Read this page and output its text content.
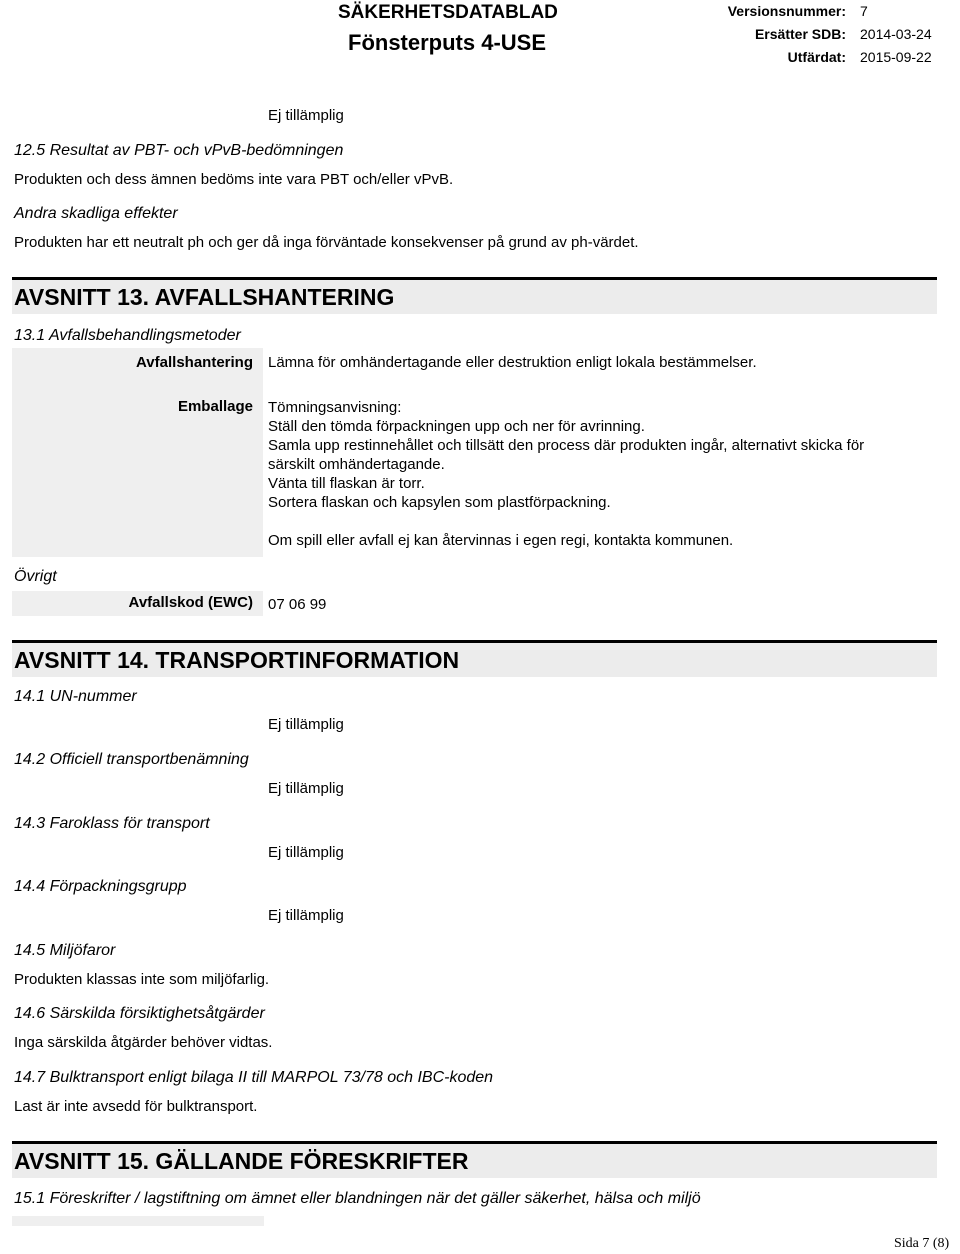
SÄKERHETSDATABLAD
Fönsterputs 4-USE
Versionsnummer: 7
Ersätter SDB: 2014-03-24
Utfärdat: 2015-09-22
Ej tillämplig
12.5 Resultat av PBT- och vPvB-bedömningen
Produkten och dess ämnen bedöms inte vara PBT och/eller vPvB.
Andra skadliga effekter
Produkten har ett neutralt ph och ger då inga förväntade konsekvenser på grund av ph-värdet.
AVSNITT 13. AVFALLSHANTERING
13.1 Avfallsbehandlingsmetoder
Avfallshantering	Lämna för omhändertagande eller destruktion enligt lokala bestämmelser.
Emballage	Tömningsanvisning:
Ställ den tömda förpackningen upp och ner för avrinning.
Samla upp restinnehållet och tillsätt den process där produkten ingår, alternativt skicka för
särskilt omhändertagande.
Vänta till flaskan är torr.
Sortera flaskan och kapsylen som plastförpackning.
Om spill eller avfall ej kan återvinnas i egen regi, kontakta kommunen.
Övrigt
Avfallskod (EWC)	07 06 99
AVSNITT 14. TRANSPORTINFORMATION
14.1 UN-nummer
Ej tillämplig
14.2 Officiell transportbenämning
Ej tillämplig
14.3 Faroklass för transport
Ej tillämplig
14.4 Förpackningsgrupp
Ej tillämplig
14.5 Miljöfaror
Produkten klassas inte som miljöfarlig.
14.6 Särskilda försiktighetsåtgärder
Inga särskilda åtgärder behöver vidtas.
14.7 Bulktransport enligt bilaga II till MARPOL 73/78 och IBC-koden
Last är inte avsedd för bulktransport.
AVSNITT 15. GÄLLANDE FÖRESKRIFTER
15.1 Föreskrifter / lagstiftning om ämnet eller blandningen när det gäller säkerhet, hälsa och miljö
Sida 7 (8)
